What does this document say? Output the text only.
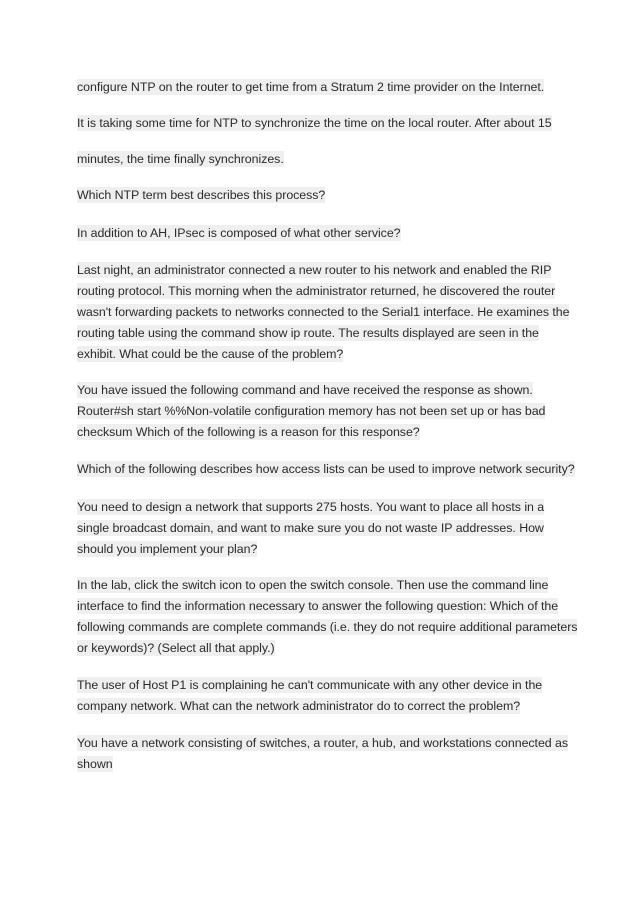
configure NTP on the router to get time from a Stratum 2 time provider on the Internet.
It is taking some time for NTP to synchronize the time on the local router. After about 15
minutes, the time finally synchronizes.
Which NTP term best describes this process?
In addition to AH, IPsec is composed of what other service?
Last night, an administrator connected a new router to his network and enabled the RIP
routing protocol. This morning when the administrator returned, he discovered the router
wasn't forwarding packets to networks connected to the Serial1 interface. He examines the
routing table using the command show ip route. The results displayed are seen in the
exhibit. What could be the cause of the problem?
You have issued the following command and have received the response as shown.
Router#sh start %%Non-volatile configuration memory has not been set up or has bad
checksum Which of the following is a reason for this response?
Which of the following describes how access lists can be used to improve network security?
You need to design a network that supports 275 hosts. You want to place all hosts in a
single broadcast domain, and want to make sure you do not waste IP addresses. How
should you implement your plan?
In the lab, click the switch icon to open the switch console. Then use the command line
interface to find the information necessary to answer the following question: Which of the
following commands are complete commands (i.e. they do not require additional parameters
or keywords)? (Select all that apply.)
The user of Host P1 is complaining he can't communicate with any other device in the
company network. What can the network administrator do to correct the problem?
You have a network consisting of switches, a router, a hub, and workstations connected as
shown
